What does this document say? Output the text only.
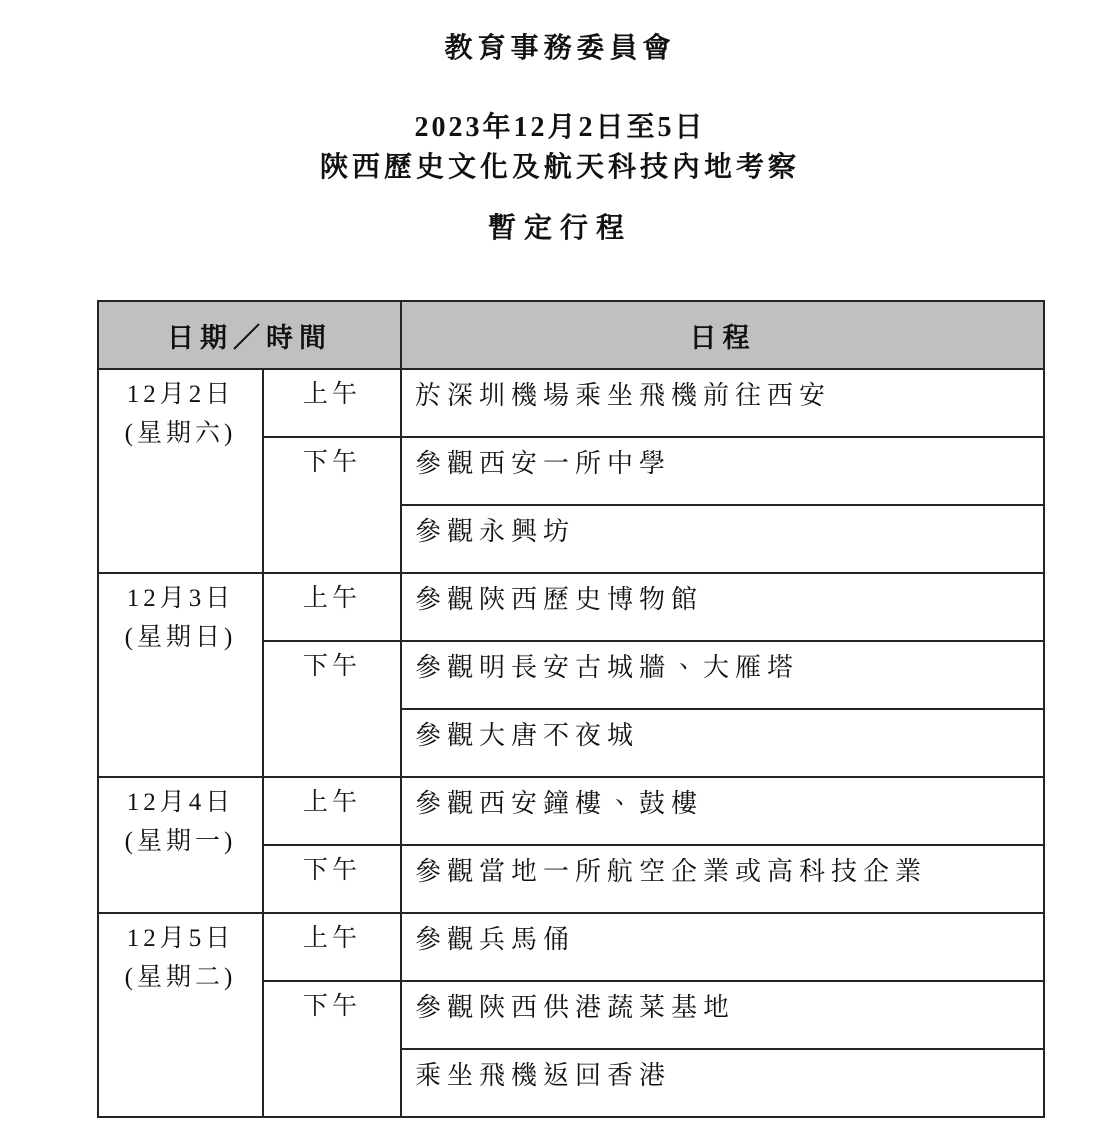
教育事務委員會
2023年12月2日至5日
陝西歷史文化及航天科技內地考察
暫定行程
日期／時間		日程

12月2日
(星期六)	上午	於深圳機場乘坐飛機前往西安
	下午	參觀西安一所中學
		參觀永興坊

12月3日
(星期日)	上午	參觀陝西歷史博物館
	下午	參觀明長安古城牆、大雁塔
		參觀大唐不夜城

12月4日
(星期一)	上午	參觀西安鐘樓、鼓樓
	下午	參觀當地一所航空企業或高科技企業

12月5日
(星期二)	上午	參觀兵馬俑
	下午	參觀陝西供港蔬菜基地
		乘坐飛機返回香港
